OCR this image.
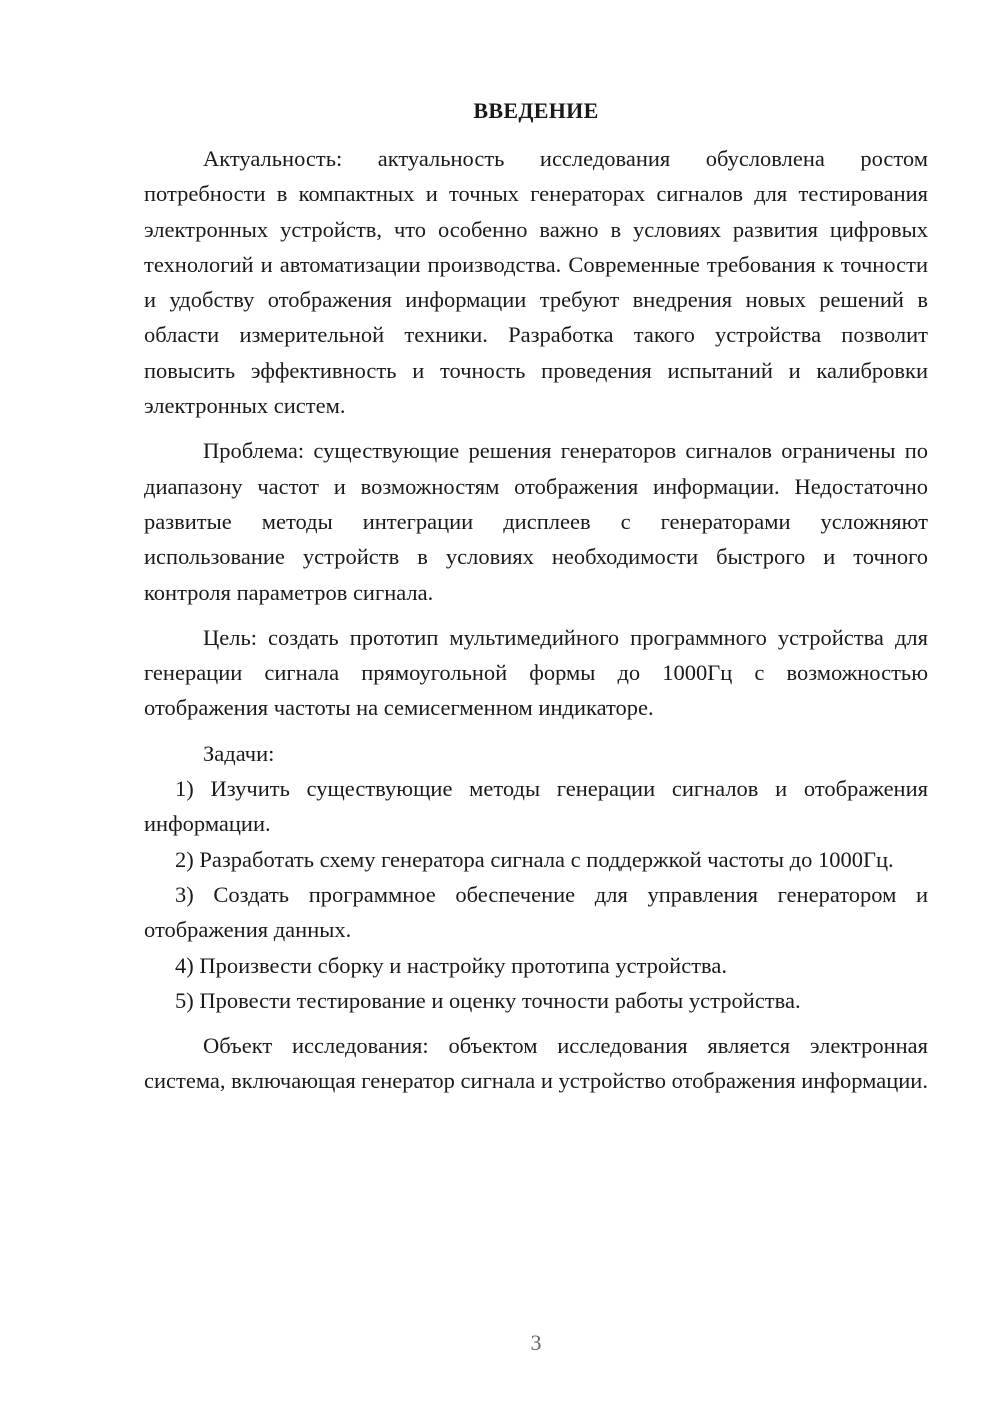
ВВЕДЕНИЕ

Актуальность: актуальность исследования обусловлена ростом потребности в компактных и точных генераторах сигналов для тестирования электронных устройств, что особенно важно в условиях развития цифровых технологий и автоматизации производства. Современные требования к точности и удобству отображения информации требуют внедрения новых решений в области измерительной техники. Разработка такого устройства позволит повысить эффективность и точность проведения испытаний и калибровки электронных систем.

Проблема: существующие решения генераторов сигналов ограничены по диапазону частот и возможностям отображения информации. Недостаточно развитые методы интеграции дисплеев с генераторами усложняют использование устройств в условиях необходимости быстрого и точного контроля параметров сигнала.

Цель: создать прототип мультимедийного программного устройства для генерации сигнала прямоугольной формы до 1000Гц с возможностью отображения частоты на семисегменном индикаторе.

Задачи:

1) Изучить существующие методы генерации сигналов и отображения информации.

2) Разработать схему генератора сигнала с поддержкой частоты до 1000Гц.

3) Создать программное обеспечение для управления генератором и отображения данных.

4) Произвести сборку и настройку прототипа устройства.

5) Провести тестирование и оценку точности работы устройства.

Объект исследования: объектом исследования является электронная система, включающая генератор сигнала и устройство отображения информации.

3
